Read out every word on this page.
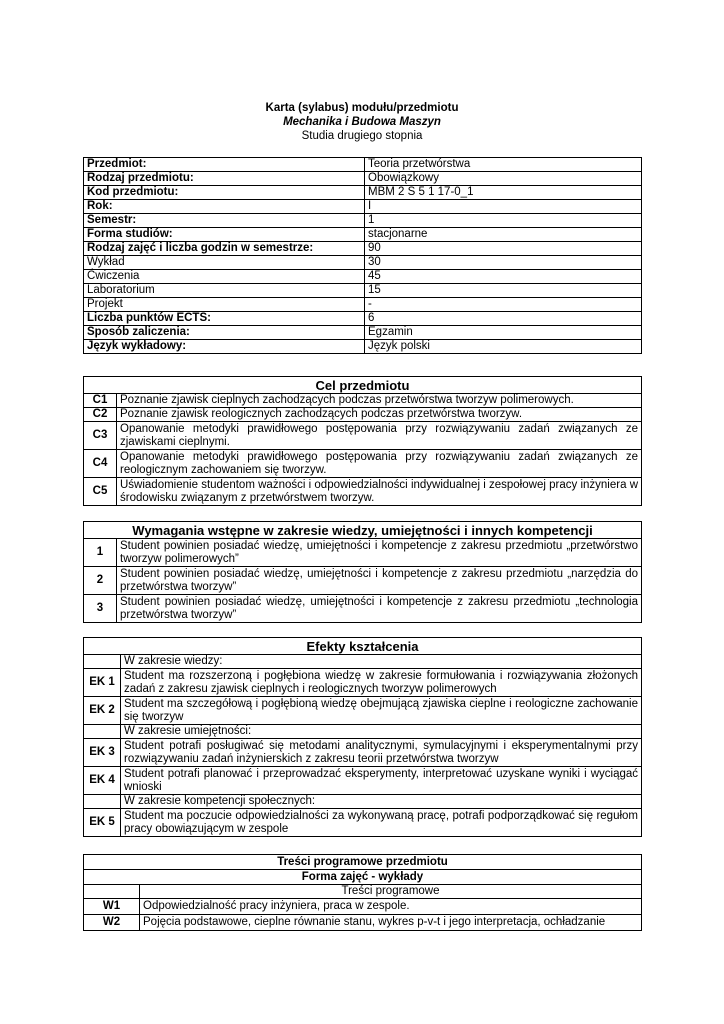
Karta (sylabus) modułu/przedmiotu
Mechanika i Budowa Maszyn
Studia drugiego stopnia
Przedmiot:	Teoria przetwórstwa
Rodzaj przedmiotu:	Obowiązkowy
Kod przedmiotu:	MBM 2 S 5 1 17-0_1
Rok:	I
Semestr:	1
Forma studiów:	stacjonarne
Rodzaj zajęć i liczba godzin w semestrze:	90
Wykład	30
Ćwiczenia	45
Laboratorium	15
Projekt	-
Liczba punktów ECTS:	6
Sposób zaliczenia:	Egzamin
Język wykładowy:	Język polski
Cel przedmiotu	
C1	Poznanie zjawisk cieplnych zachodzących podczas przetwórstwa tworzyw polimerowych.
C2	Poznanie zjawisk reologicznych zachodzących podczas przetwórstwa tworzyw.
C3	Opanowanie metodyki prawidłowego postępowania przy rozwiązywaniu zadań związanych ze zjawiskami cieplnymi.
C4	Opanowanie metodyki prawidłowego postępowania przy rozwiązywaniu zadań związanych ze reologicznym zachowaniem się tworzyw.
C5	Uświadomienie studentom ważności i odpowiedzialności indywidualnej i zespołowej pracy inżyniera w środowisku związanym z przetwórstwem tworzyw.
Wymagania wstępne w zakresie wiedzy, umiejętności i innych kompetencji	
1	Student powinien posiadać wiedzę, umiejętności i kompetencje z zakresu przedmiotu „przetwórstwo tworzyw polimerowych”
2	Student powinien posiadać wiedzę, umiejętności i kompetencje z zakresu przedmiotu „narzędzia do przetwórstwa tworzyw”
3	Student powinien posiadać wiedzę, umiejętności i kompetencje z zakresu przedmiotu „technologia przetwórstwa tworzyw”
Efekty kształcenia	
	W zakresie wiedzy:
EK 1	Student ma rozszerzoną i pogłębiona wiedzę w zakresie formułowania i rozwiązywania złożonych zadań z zakresu zjawisk cieplnych i reologicznych tworzyw polimerowych
EK 2	Student ma szczegółową i pogłębioną wiedzę obejmującą zjawiska cieplne i reologiczne zachowanie się tworzyw
	W zakresie umiejętności:
EK 3	Student potrafi posługiwać się metodami analitycznymi, symulacyjnymi i eksperymentalnymi przy rozwiązywaniu zadań inżynierskich z zakresu teorii przetwórstwa tworzyw
EK 4	Student potrafi planować i przeprowadzać eksperymenty, interpretować uzyskane wyniki i wyciągać wnioski
	W zakresie kompetencji społecznych:
EK 5	Student ma poczucie odpowiedzialności za wykonywaną pracę, potrafi podporządkować się regułom pracy obowiązującym w zespole
Treści programowe przedmiotu	
Forma zajęć - wykłady	
	Treści programowe
W1	Odpowiedzialność pracy inżyniera, praca w zespole.
W2	Pojęcia podstawowe, cieplne równanie stanu, wykres p-v-t i jego interpretacja, ochładzanie
